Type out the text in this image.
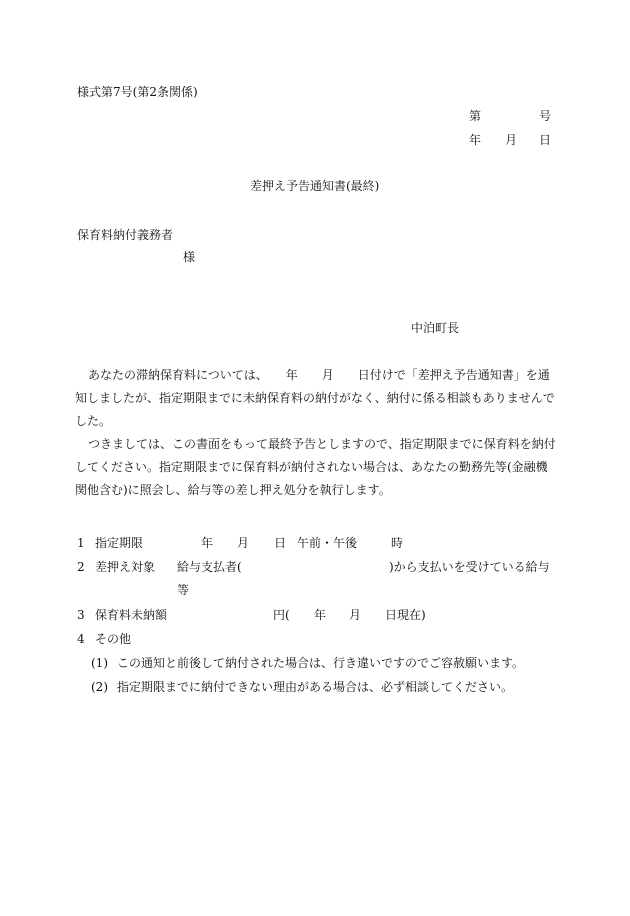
様式第7号(第2条関係)
第	号
年 月 日
差押え予告通知書(最終)
保育料納付義務者
様
中泊町長
あなたの滞納保育料については、　　年　　月　　日付けで「差押え予告通知書」を通
知しましたが、指定期限までに未納保育料の納付がなく、納付に係る相談もありませんで
した。
つきましては、この書面をもって最終予告としますので、指定期限までに保育料を納付
してください。指定期限までに保育料が納付されない場合は、あなたの勤務先等(金融機
関他含む)に照会し、給与等の差し押え処分を執行します。
1 指定期限	年 月 日 午前・午後	時
2 差押え対象 給与支払者(	)から支払いを受けている給与
等
3 保育料未納額	円( 年 月 日現在)
4 その他
(1) この通知と前後して納付された場合は、行き違いですのでご容赦願います。
(2) 指定期限までに納付できない理由がある場合は、必ず相談してください。
